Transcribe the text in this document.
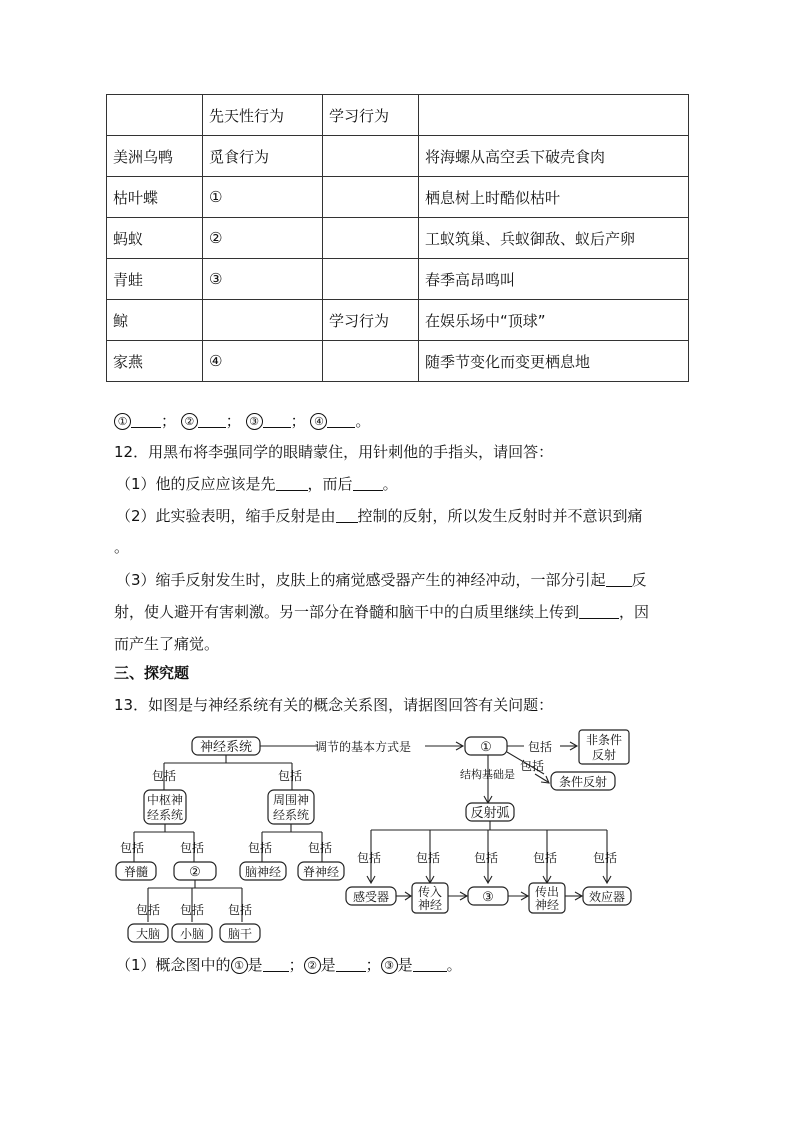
	先天性行为	学习行为	
美洲乌鸭	觅食行为		将海螺从高空丢下破壳食肉
枯叶蝶	①		栖息树上时酷似枯叶
蚂蚁	②		工蚁筑巢、兵蚁御敌、蚁后产卵
青蛙	③		春季高昂鸣叫
鲸		学习行为	在娱乐场中“顶球”
家燕	④		随季节变化而变更栖息地
① ； ② ； ③ ； ④ 。
12．用黑布将李强同学的眼睛蒙住，用针刺他的手指头，请回答：
（1）他的反应应该是先 ，而后 。
（2）此实验表明，缩手反射是由 控制的反射，所以发生反射时并不意识到痛
。
（3）缩手反射发生时，皮肤上的痛觉感受器产生的神经冲动，一部分引起 反
射，使人避开有害刺激。另一部分在脊髓和脑干中的白质里继续上传到	，因
而产生了痛觉。
三、探究题
13．如图是与神经系统有关的概念关系图，请据图回答有关问题：
神经系统	调节的基本方式是	①	包括	非条件
反射
包括
条件反射
结构基础是
反射弧
包括	包括
中枢神
经系统
周围神
经系统
包括	包括
脊髓	②
包括	包括
脑神经 脊神经
包括 包括 包括
大脑 小脑 脑干
包括	包括	包括	包括	包括
感受器 传入
神经	③	传出
神经
效应器
（1）概念图中的 ① 是 ； ② 是 ； ③ 是 。
